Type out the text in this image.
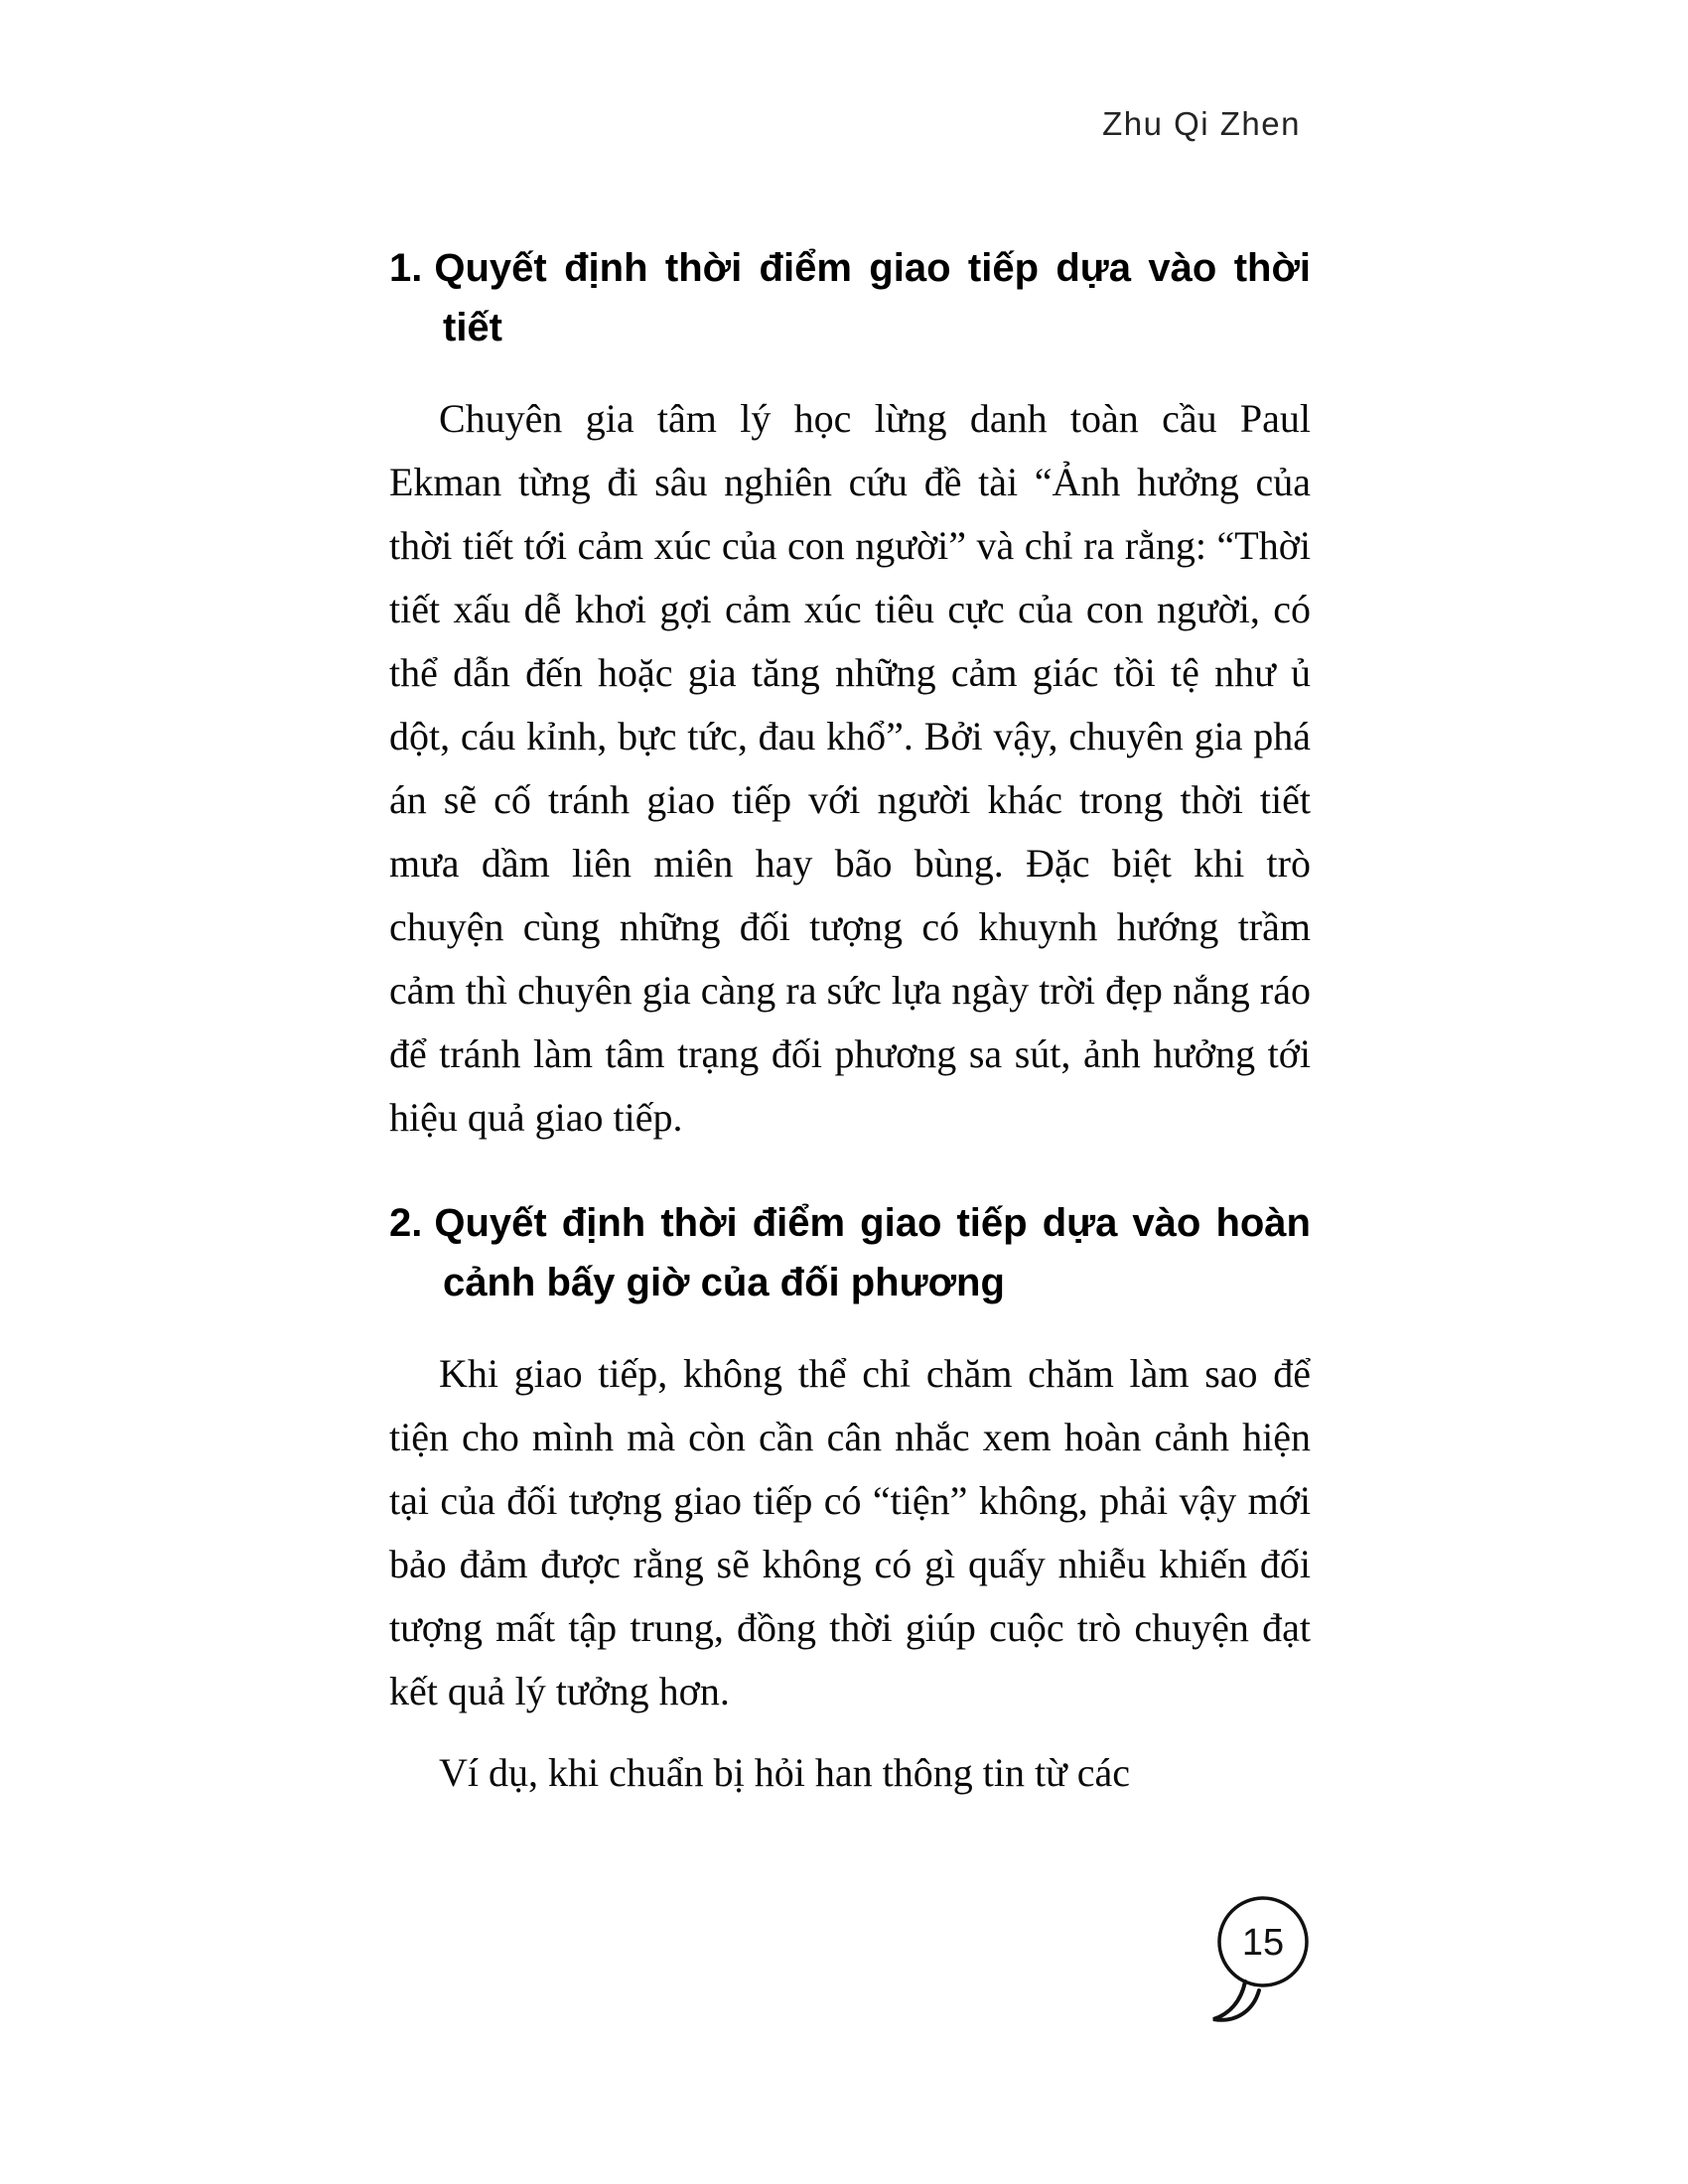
Zhu Qi Zhen
1. Quyết định thời điểm giao tiếp dựa vào thời tiết

Chuyên gia tâm lý học lừng danh toàn cầu Paul Ekman từng đi sâu nghiên cứu đề tài “Ảnh hưởng của thời tiết tới cảm xúc của con người” và chỉ ra rằng: “Thời tiết xấu dễ khơi gợi cảm xúc tiêu cực của con người, có thể dẫn đến hoặc gia tăng những cảm giác tồi tệ như ủ dột, cáu kỉnh, bực tức, đau khổ”. Bởi vậy, chuyên gia phá án sẽ cố tránh giao tiếp với người khác trong thời tiết mưa dầm liên miên hay bão bùng. Đặc biệt khi trò chuyện cùng những đối tượng có khuynh hướng trầm cảm thì chuyên gia càng ra sức lựa ngày trời đẹp nắng ráo để tránh làm tâm trạng đối phương sa sút, ảnh hưởng tới hiệu quả giao tiếp.

2. Quyết định thời điểm giao tiếp dựa vào hoàn cảnh bấy giờ của đối phương

Khi giao tiếp, không thể chỉ chăm chăm làm sao để tiện cho mình mà còn cần cân nhắc xem hoàn cảnh hiện tại của đối tượng giao tiếp có “tiện” không, phải vậy mới bảo đảm được rằng sẽ không có gì quấy nhiễu khiến đối tượng mất tập trung, đồng thời giúp cuộc trò chuyện đạt kết quả lý tưởng hơn.

Ví dụ, khi chuẩn bị hỏi han thông tin từ các

15
